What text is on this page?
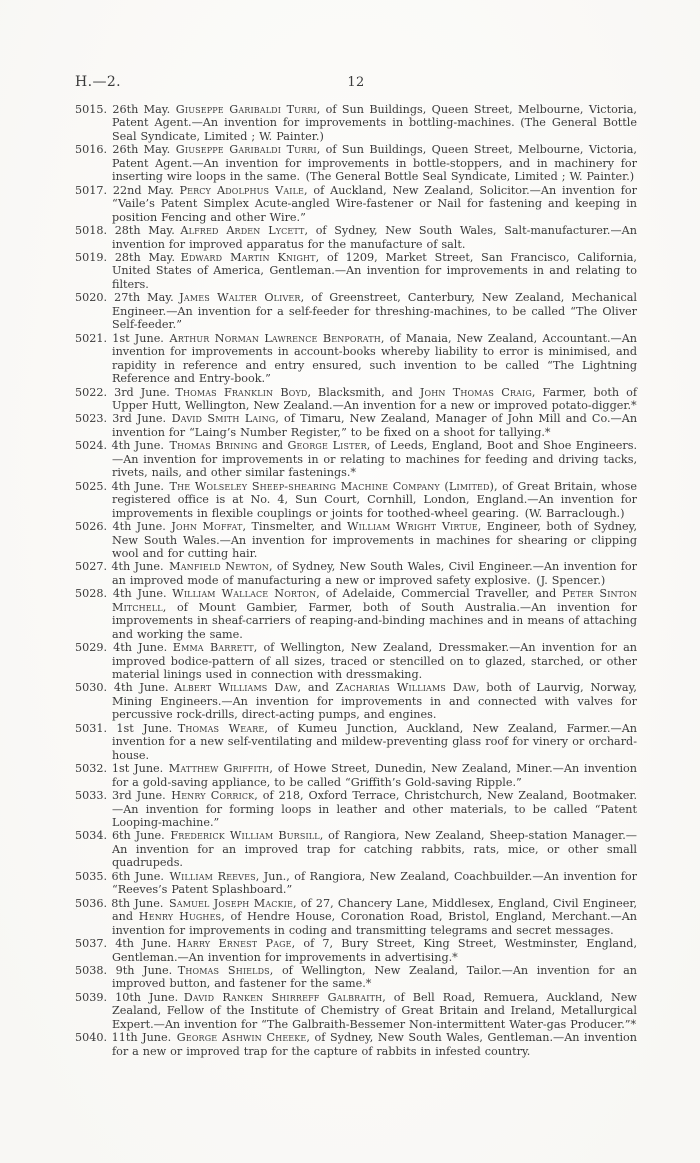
H.—2.	12

5015. 26th May. Giuseppe Garibaldi Turri, of Sun Buildings, Queen Street, Melbourne, Victoria, Patent Agent.—An invention for improvements in bottling-machines. (The General Bottle Seal Syndicate, Limited ; W. Painter.)

5016. 26th May. Giuseppe Garibaldi Turri, of Sun Buildings, Queen Street, Melbourne, Victoria, Patent Agent.—An invention for improvements in bottle-stoppers, and in machinery for inserting wire loops in the same. (The General Bottle Seal Syndicate, Limited ; W. Painter.)

5017. 22nd May. Percy Adolphus Vaile, of Auckland, New Zealand, Solicitor.—An invention for “Vaile’s Patent Simplex Acute-angled Wire-fastener or Nail for fastening and keeping in position Fencing and other Wire.”

5018. 28th May. Alfred Arden Lycett, of Sydney, New South Wales, Salt-manufacturer.—An invention for improved apparatus for the manufacture of salt.

5019. 28th May. Edward Martin Knight, of 1209, Market Street, San Francisco, California, United States of America, Gentleman.—An invention for improvements in and relating to filters.

5020. 27th May. James Walter Oliver, of Greenstreet, Canterbury, New Zealand, Mechanical Engineer.—An invention for a self-feeder for threshing-machines, to be called “The Oliver Self-feeder.”

5021. 1st June. Arthur Norman Lawrence Benporath, of Manaia, New Zealand, Accountant.—An invention for improvements in account-books whereby liability to error is minimised, and rapidity in reference and entry ensured, such invention to be called “The Lightning Reference and Entry-book.”

5022. 3rd June. Thomas Franklin Boyd, Blacksmith, and John Thomas Craig, Farmer, both of Upper Hutt, Wellington, New Zealand.—An invention for a new or improved potato-digger.*

5023. 3rd June. David Smith Laing, of Timaru, New Zealand, Manager of John Mill and Co.—An invention for “Laing’s Number Register,” to be fixed on a shoot for tallying.*

5024. 4th June. Thomas Brining and George Lister, of Leeds, England, Boot and Shoe Engineers.—An invention for improvements in or relating to machines for feeding and driving tacks, rivets, nails, and other similar fastenings.*

5025. 4th June. The Wolseley Sheep-shearing Machine Company (Limited), of Great Britain, whose registered office is at No. 4, Sun Court, Cornhill, London, England.—An invention for improvements in flexible couplings or joints for toothed-wheel gearing. (W. Barraclough.)

5026. 4th June. John Moffat, Tinsmelter, and William Wright Virtue, Engineer, both of Sydney, New South Wales.—An invention for improvements in machines for shearing or clipping wool and for cutting hair.

5027. 4th June. Manfield Newton, of Sydney, New South Wales, Civil Engineer.—An invention for an improved mode of manufacturing a new or improved safety explosive. (J. Spencer.)

5028. 4th June. William Wallace Norton, of Adelaide, Commercial Traveller, and Peter Sinton Mitchell, of Mount Gambier, Farmer, both of South Australia.—An invention for improvements in sheaf-carriers of reaping-and-binding machines and in means of attaching and working the same.

5029. 4th June. Emma Barrett, of Wellington, New Zealand, Dressmaker.—An invention for an improved bodice-pattern of all sizes, traced or stencilled on to glazed, starched, or other material linings used in connection with dressmaking.

5030. 4th June. Albert Williams Daw, and Zacharias Williams Daw, both of Laurvig, Norway, Mining Engineers.—An invention for improvements in and connected with valves for percussive rock-drills, direct-acting pumps, and engines.

5031. 1st June. Thomas Weare, of Kumeu Junction, Auckland, New Zealand, Farmer.—An invention for a new self-ventilating and mildew-preventing glass roof for vinery or orchard-house.

5032. 1st June. Matthew Griffith, of Howe Street, Dunedin, New Zealand, Miner.—An invention for a gold-saving appliance, to be called “Griffith’s Gold-saving Ripple.”

5033. 3rd June. Henry Corrick, of 218, Oxford Terrace, Christchurch, New Zealand, Bootmaker.—An invention for forming loops in leather and other materials, to be called “Patent Looping-machine.”

5034. 6th June. Frederick William Bursill, of Rangiora, New Zealand, Sheep-station Manager.—An invention for an improved trap for catching rabbits, rats, mice, or other small quadrupeds.

5035. 6th June. William Reeves, Jun., of Rangiora, New Zealand, Coachbuilder.—An invention for “Reeves’s Patent Splashboard.”

5036. 8th June. Samuel Joseph Mackie, of 27, Chancery Lane, Middlesex, England, Civil Engineer, and Henry Hughes, of Hendre House, Coronation Road, Bristol, England, Merchant.—An invention for improvements in coding and transmitting telegrams and secret messages.

5037. 4th June. Harry Ernest Page, of 7, Bury Street, King Street, Westminster, England, Gentleman.—An invention for improvements in advertising.*

5038. 9th June. Thomas Shields, of Wellington, New Zealand, Tailor.—An invention for an improved button, and fastener for the same.*

5039. 10th June. David Ranken Shirreff Galbraith, of Bell Road, Remuera, Auckland, New Zealand, Fellow of the Institute of Chemistry of Great Britain and Ireland, Metallurgical Expert.—An invention for “The Galbraith-Bessemer Non-intermittent Water-gas Producer.”*

5040. 11th June. George Ashwin Cheeke, of Sydney, New South Wales, Gentleman.—An invention for a new or improved trap for the capture of rabbits in infested country.
